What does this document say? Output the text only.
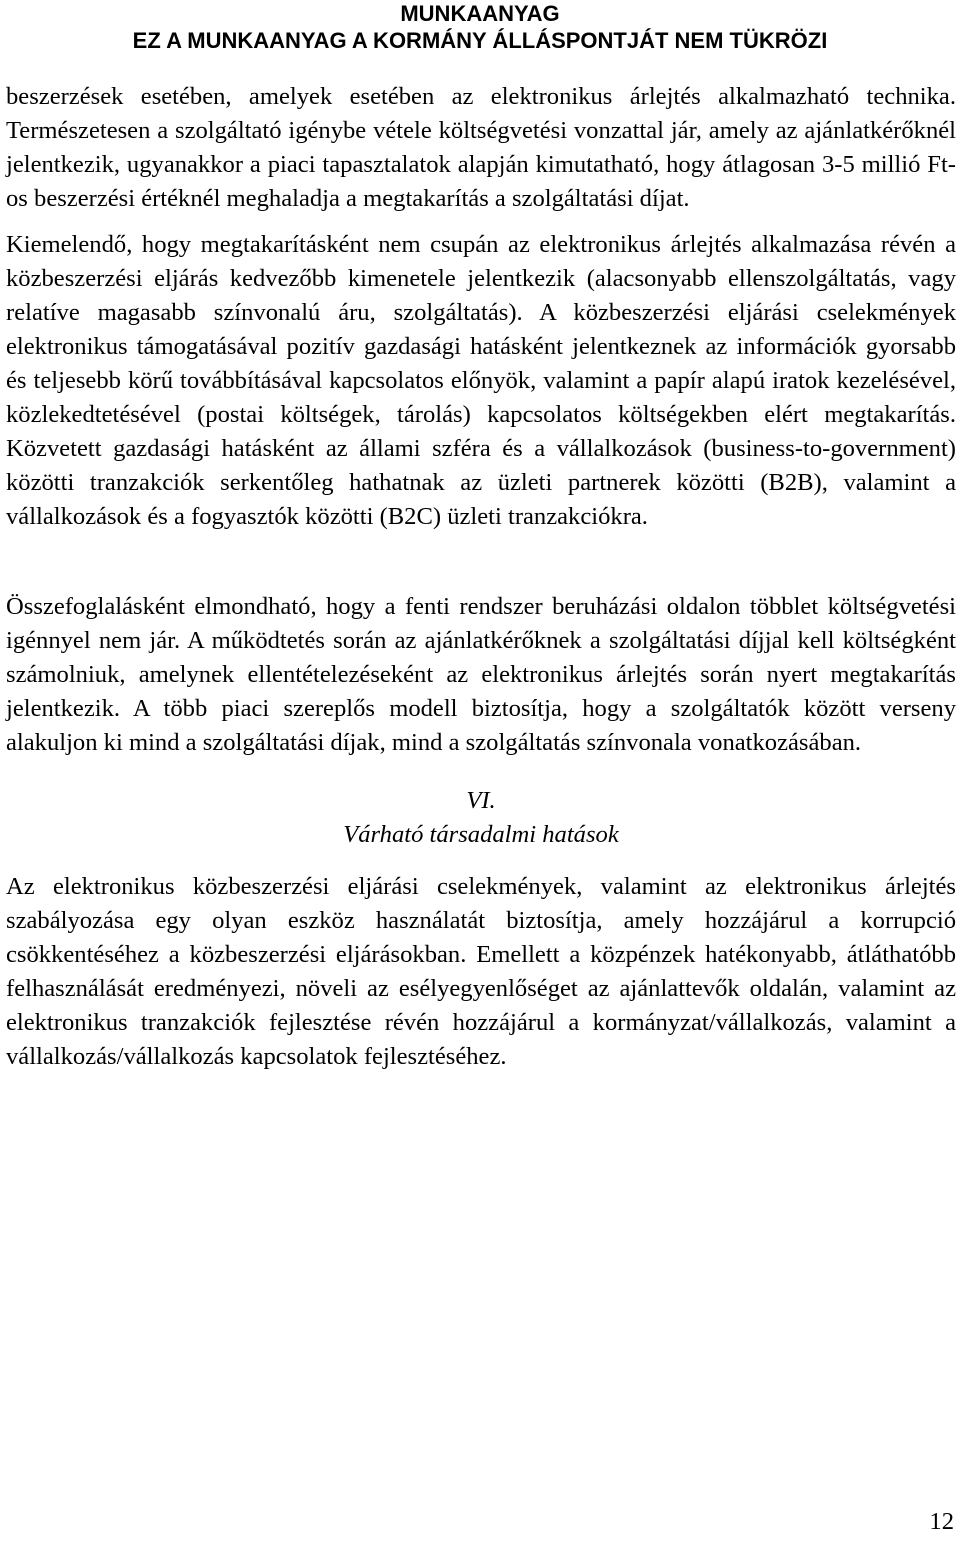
MUNKAANYAG
EZ A MUNKAANYAG A KORMÁNY ÁLLÁSPONTJÁT NEM TÜKRÖZI

beszerzések esetében, amelyek esetében az elektronikus árlejtés alkalmazható technika. Természetesen a szolgáltató igénybe vétele költségvetési vonzattal jár, amely az ajánlatkérőknél jelentkezik, ugyanakkor a piaci tapasztalatok alapján kimutatható, hogy átlagosan 3-5 millió Ft-os beszerzési értéknél meghaladja a megtakarítás a szolgáltatási díjat.

Kiemelendő, hogy megtakarításként nem csupán az elektronikus árlejtés alkalmazása révén a közbeszerzési eljárás kedvezőbb kimenetele jelentkezik (alacsonyabb ellenszolgáltatás, vagy relatíve magasabb színvonalú áru, szolgáltatás). A közbeszerzési eljárási cselekmények elektronikus támogatásával pozitív gazdasági hatásként jelentkeznek az információk gyorsabb és teljesebb körű továbbításával kapcsolatos előnyök, valamint a papír alapú iratok kezelésével, közlekedtetésével (postai költségek, tárolás) kapcsolatos költségekben elért megtakarítás. Közvetett gazdasági hatásként az állami szféra és a vállalkozások (business-to-government) közötti tranzakciók serkentőleg hathatnak az üzleti partnerek közötti (B2B), valamint a vállalkozások és a fogyasztók közötti (B2C) üzleti tranzakciókra.

Összefoglalásként elmondható, hogy a fenti rendszer beruházási oldalon többlet költségvetési igénnyel nem jár. A működtetés során az ajánlatkérőknek a szolgáltatási díjjal kell költségként számolniuk, amelynek ellentételezéseként az elektronikus árlejtés során nyert megtakarítás jelentkezik. A több piaci szereplős modell biztosítja, hogy a szolgáltatók között verseny alakuljon ki mind a szolgáltatási díjak, mind a szolgáltatás színvonala vonatkozásában.

VI.
Várható társadalmi hatások

Az elektronikus közbeszerzési eljárási cselekmények, valamint az elektronikus árlejtés szabályozása egy olyan eszköz használatát biztosítja, amely hozzájárul a korrupció csökkentéséhez a közbeszerzési eljárásokban. Emellett a közpénzek hatékonyabb, átláthatóbb felhasználását eredményezi, növeli az esélyegyenlőséget az ajánlattevők oldalán, valamint az elektronikus tranzakciók fejlesztése révén hozzájárul a kormányzat/vállalkozás, valamint a vállalkozás/vállalkozás kapcsolatok fejlesztéséhez.

12
